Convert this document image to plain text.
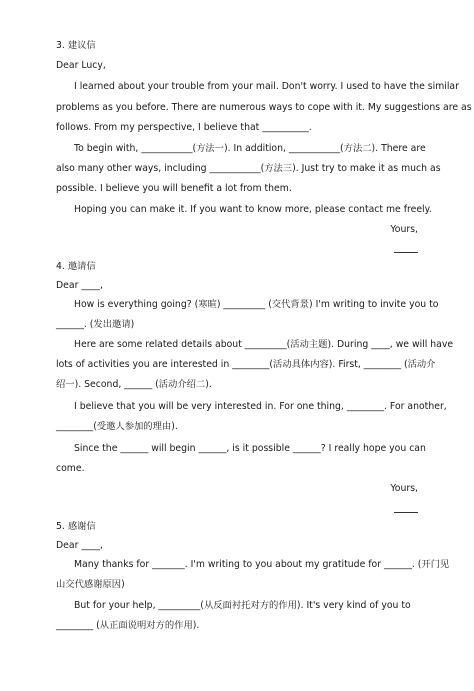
3. 建议信
Dear Lucy,
I learned about your trouble from your mail. Don't worry. I used to have the similar
problems as you before. There are numerous ways to cope with it. My suggestions are as
follows. From my perspective, I believe that __________.
To begin with, ___________(方法一). In addition, ___________(方法二). There are
also many other ways, including ___________(方法三). Just try to make it as much as
possible. I believe you will benefit a lot from them.
Hoping you can make it. If you want to know more, please contact me freely.
Yours,
4. 邀请信
Dear ____,
How is everything going? (寒暄) _________ (交代背景) I'm writing to invite you to
______. (发出邀请)
Here are some related details about _________(活动主题). During ____, we will have
lots of activities you are interested in ________(活动具体内容). First, ________ (活动介
绍一). Second, ______ (活动介绍二).
I believe that you will be very interested in. For one thing, ________. For another,
________(受邀人参加的理由).
Since the ______ will begin ______, is it possible ______? I really hope you can
come.
Yours,
5. 感谢信
Dear ____,
Many thanks for _______. I'm writing to you about my gratitude for ______. (开门见
山交代感谢原因)
But for your help, _________(从反面衬托对方的作用). It's very kind of you to
________ (从正面说明对方的作用).
